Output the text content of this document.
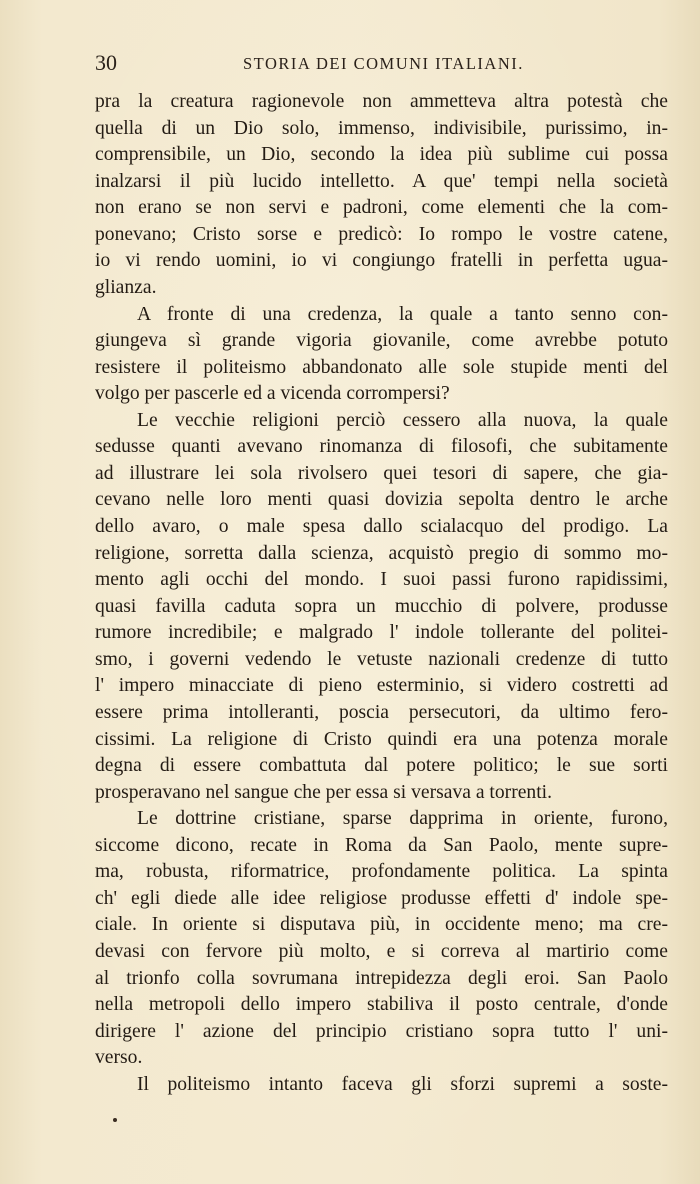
30	STORIA DEI COMUNI ITALIANI.
pra la creatura ragionevole non ammetteva altra potestà che
quella di un Dio solo, immenso, indivisibile, purissimo, in-
comprensibile, un Dio, secondo la idea più sublime cui possa
inalzarsi il più lucido intelletto. A que' tempi nella società
non erano se non servi e padroni, come elementi che la com-
ponevano; Cristo sorse e predicò: Io rompo le vostre catene,
io vi rendo uomini, io vi congiungo fratelli in perfetta ugua-
glianza.
A fronte di una credenza, la quale a tanto senno con-
giungeva sì grande vigoria giovanile, come avrebbe potuto
resistere il politeismo abbandonato alle sole stupide menti del
volgo per pascerle ed a vicenda corrompersi?
Le vecchie religioni perciò cessero alla nuova, la quale
sedusse quanti avevano rinomanza di filosofi, che subitamente
ad illustrare lei sola rivolsero quei tesori di sapere, che gia-
cevano nelle loro menti quasi dovizia sepolta dentro le arche
dello avaro, o male spesa dallo scialacquo del prodigo. La
religione, sorretta dalla scienza, acquistò pregio di sommo mo-
mento agli occhi del mondo. I suoi passi furono rapidissimi,
quasi favilla caduta sopra un mucchio di polvere, produsse
rumore incredibile; e malgrado l' indole tollerante del politei-
smo, i governi vedendo le vetuste nazionali credenze di tutto
l' impero minacciate di pieno esterminio, si videro costretti ad
essere prima intolleranti, poscia persecutori, da ultimo fero-
cissimi. La religione di Cristo quindi era una potenza morale
degna di essere combattuta dal potere politico; le sue sorti
prosperavano nel sangue che per essa si versava a torrenti.
Le dottrine cristiane, sparse dapprima in oriente, furono,
siccome dicono, recate in Roma da San Paolo, mente supre-
ma, robusta, riformatrice, profondamente politica. La spinta
ch' egli diede alle idee religiose produsse effetti d' indole spe-
ciale. In oriente si disputava più, in occidente meno; ma cre-
devasi con fervore più molto, e si correva al martirio come
al trionfo colla sovrumana intrepidezza degli eroi. San Paolo
nella metropoli dello impero stabiliva il posto centrale, d'onde
dirigere l' azione del principio cristiano sopra tutto l' uni-
verso.
Il politeismo intanto faceva gli sforzi supremi a soste-
